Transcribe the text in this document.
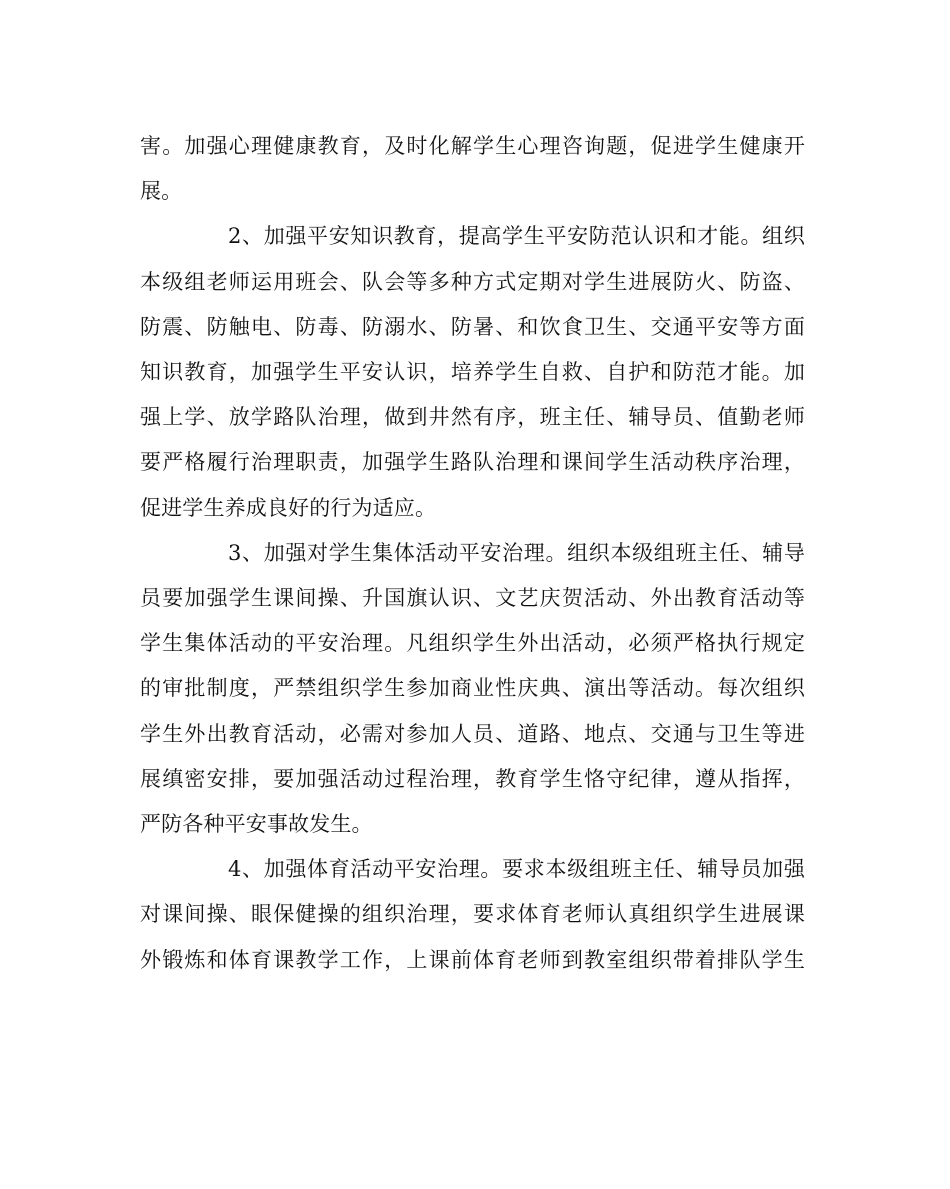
害。加强心理健康教育，及时化解学生心理咨询题，促进学生健康开
展。
2、加强平安知识教育，提高学生平安防范认识和才能。组织
本级组老师运用班会、队会等多种方式定期对学生进展防火、防盗、
防震、防触电、防毒、防溺水、防暑、和饮食卫生、交通平安等方面
知识教育，加强学生平安认识，培养学生自救、自护和防范才能。加
强上学、放学路队治理，做到井然有序，班主任、辅导员、值勤老师
要严格履行治理职责，加强学生路队治理和课间学生活动秩序治理，
促进学生养成良好的行为适应。
3、加强对学生集体活动平安治理。组织本级组班主任、辅导
员要加强学生课间操、升国旗认识、文艺庆贺活动、外出教育活动等
学生集体活动的平安治理。凡组织学生外出活动，必须严格执行规定
的审批制度，严禁组织学生参加商业性庆典、演出等活动。每次组织
学生外出教育活动，必需对参加人员、道路、地点、交通与卫生等进
展缜密安排，要加强活动过程治理，教育学生恪守纪律，遵从指挥，
严防各种平安事故发生。
4、加强体育活动平安治理。要求本级组班主任、辅导员加强
对课间操、眼保健操的组织治理，要求体育老师认真组织学生进展课
外锻炼和体育课教学工作，上课前体育老师到教室组织带着排队学生
